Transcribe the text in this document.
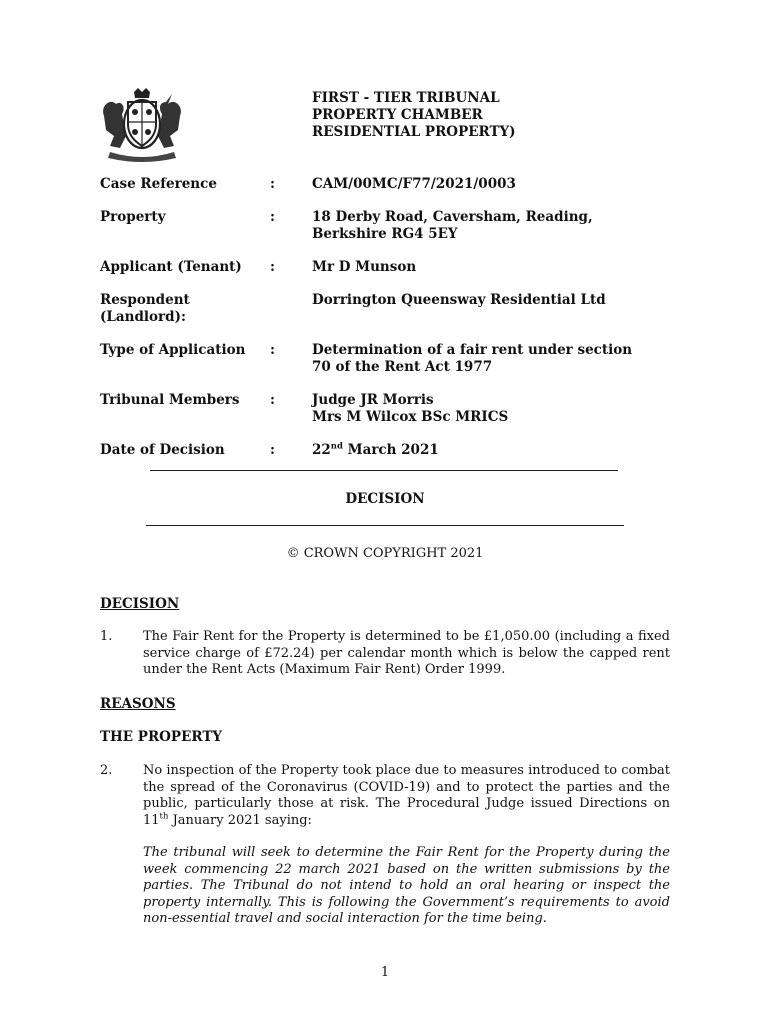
FIRST - TIER TRIBUNAL
PROPERTY CHAMBER
RESIDENTIAL PROPERTY)
Case Reference	:	CAM/00MC/F77/2021/0003
Property	:	18 Derby Road, Caversham, Reading,
Berkshire RG4 5EY
Applicant (Tenant)	:	Mr D Munson
Respondent (Landlord):
Dorrington Queensway Residential Ltd
Type of Application	:	Determination of a fair rent under section
70 of the Rent Act 1977
Tribunal Members	:	Judge JR Morris
Mrs M Wilcox BSc MRICS
Date of Decision	:	22nd March 2021
DECISION
© CROWN COPYRIGHT 2021
DECISION
1. The Fair Rent for the Property is determined to be £1,050.00 (including a fixed service charge of £72.24) per calendar month which is below the capped rent under the Rent Acts (Maximum Fair Rent) Order 1999.
REASONS
THE PROPERTY
2. No inspection of the Property took place due to measures introduced to combat the spread of the Coronavirus (COVID-19) and to protect the parties and the public, particularly those at risk. The Procedural Judge issued Directions on 11th January 2021 saying:
The tribunal will seek to determine the Fair Rent for the Property during the week commencing 22 march 2021 based on the written submissions by the parties. The Tribunal do not intend to hold an oral hearing or inspect the property internally. This is following the Government’s requirements to avoid non-essential travel and social interaction for the time being.
1
